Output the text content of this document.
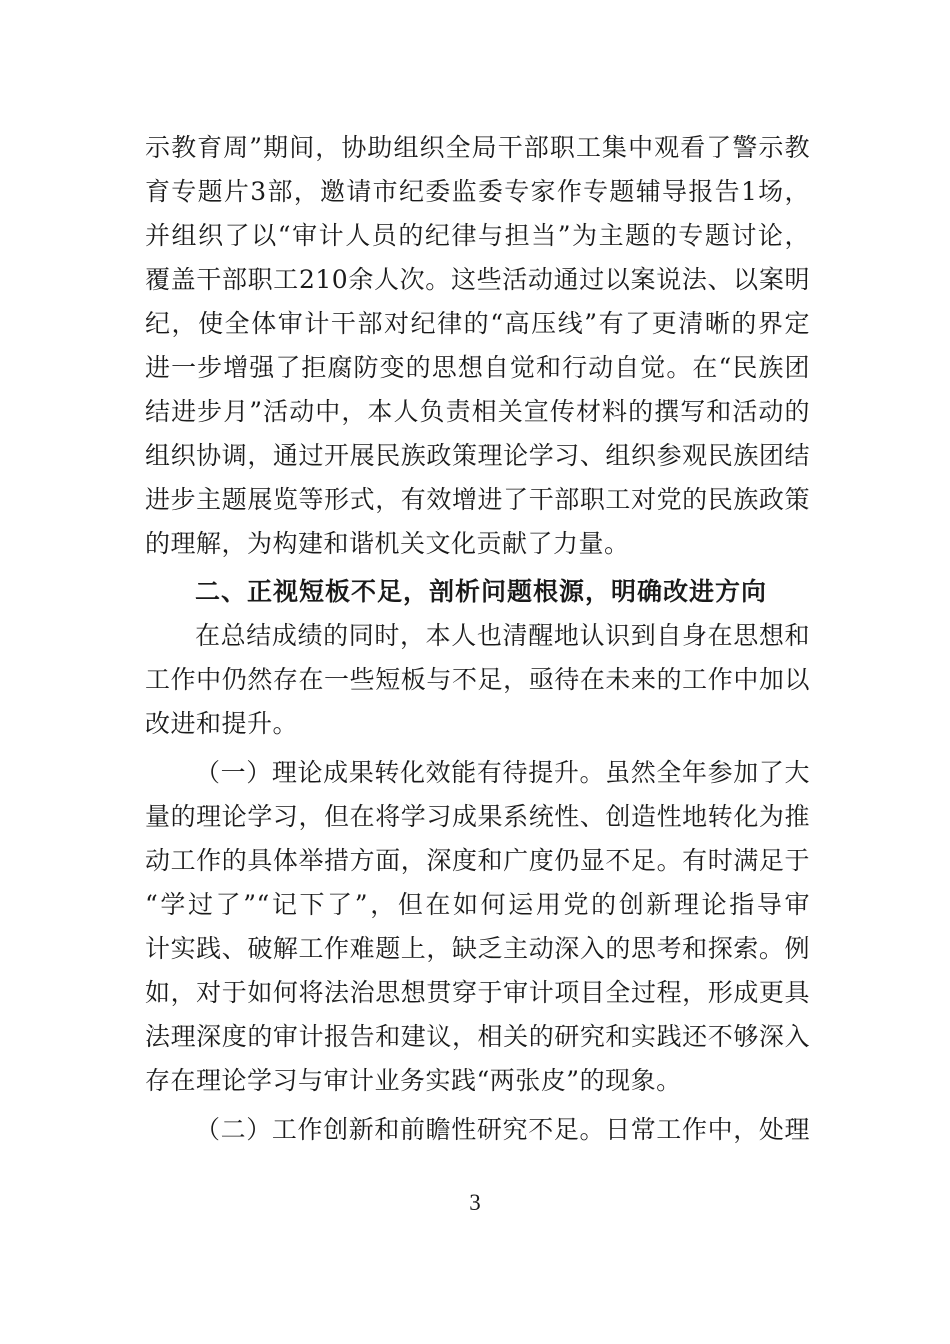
示教育周”期间，协助组织全局干部职工集中观看了警示教
育专题片3部，邀请市纪委监委专家作专题辅导报告1场，
并组织了以“审计人员的纪律与担当”为主题的专题讨论，
覆盖干部职工210余人次。这些活动通过以案说法、以案明
纪，使全体审计干部对纪律的“高压线”有了更清晰的界定
进一步增强了拒腐防变的思想自觉和行动自觉。在“民族团
结进步月”活动中，本人负责相关宣传材料的撰写和活动的
组织协调，通过开展民族政策理论学习、组织参观民族团结
进步主题展览等形式，有效增进了干部职工对党的民族政策
的理解，为构建和谐机关文化贡献了力量。
二、正视短板不足，剖析问题根源，明确改进方向
在总结成绩的同时，本人也清醒地认识到自身在思想和
工作中仍然存在一些短板与不足，亟待在未来的工作中加以
改进和提升。
（一）理论成果转化效能有待提升。虽然全年参加了大
量的理论学习，但在将学习成果系统性、创造性地转化为推
动工作的具体举措方面，深度和广度仍显不足。有时满足于
“学过了”“记下了”，但在如何运用党的创新理论指导审
计实践、破解工作难题上，缺乏主动深入的思考和探索。例
如，对于如何将法治思想贯穿于审计项目全过程，形成更具
法理深度的审计报告和建议，相关的研究和实践还不够深入
存在理论学习与审计业务实践“两张皮”的现象。
（二）工作创新和前瞻性研究不足。日常工作中，处理
3
